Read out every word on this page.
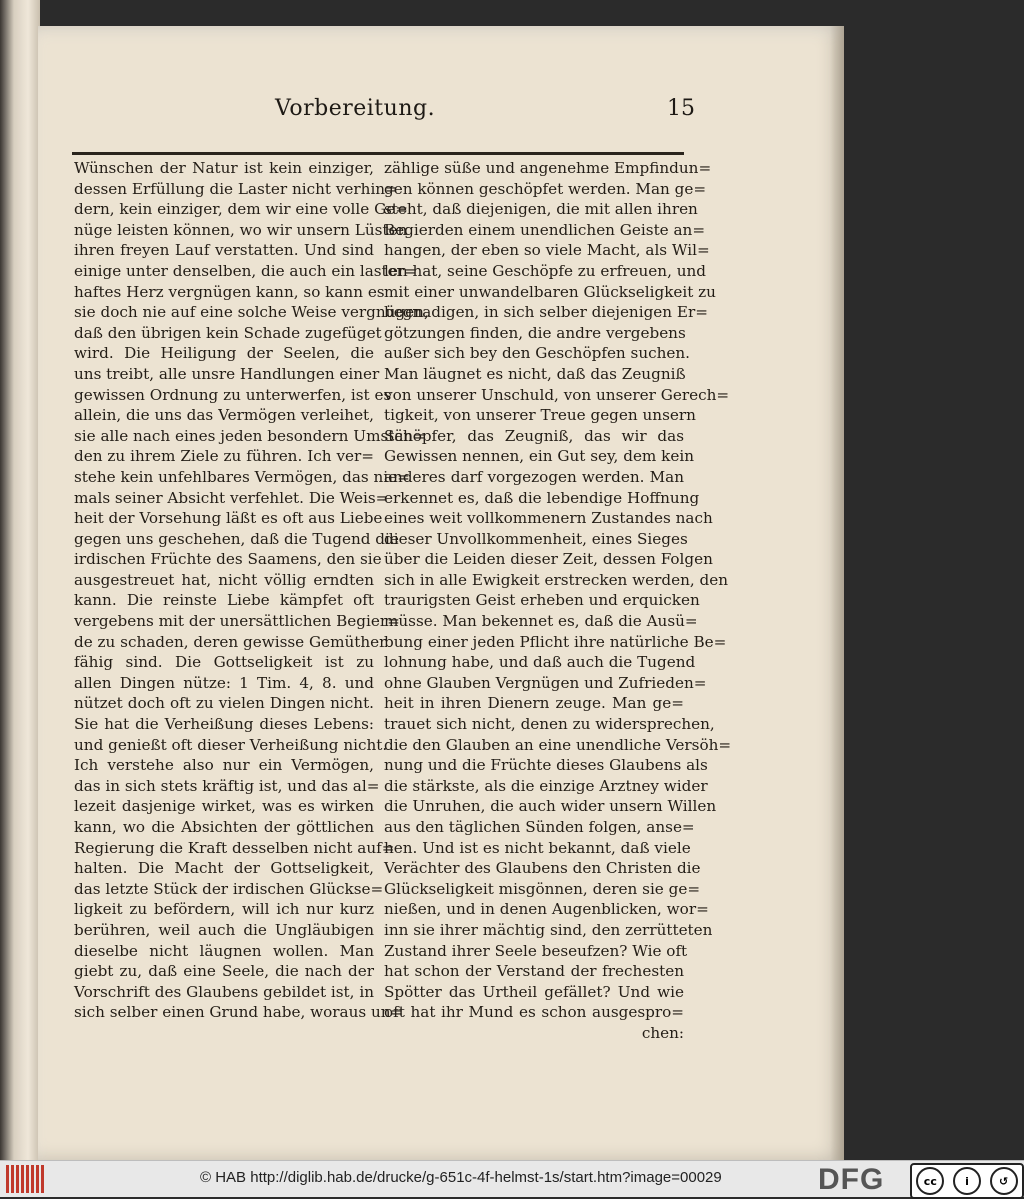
Vorbereitung.	15
Wünschen der Natur ist kein einziger,
dessen Erfüllung die Laster nicht verhin=
dern, kein einziger, dem wir eine volle Ge=
nüge leisten können, wo wir unsern Lüsten
ihren freyen Lauf verstatten. Und sind
einige unter denselben, die auch ein laster=
haftes Herz vergnügen kann, so kann es
sie doch nie auf eine solche Weise vergnügen,
daß den übrigen kein Schade zugefüget
wird. Die Heiligung der Seelen, die
uns treibt, alle unsre Handlungen einer
gewissen Ordnung zu unterwerfen, ist es
allein, die uns das Vermögen verleihet,
sie alle nach eines jeden besondern Umstän=
den zu ihrem Ziele zu führen. Ich ver=
stehe kein unfehlbares Vermögen, das nie=
mals seiner Absicht verfehlet. Die Weis=
heit der Vorsehung läßt es oft aus Liebe
gegen uns geschehen, daß die Tugend die
irdischen Früchte des Saamens, den sie
ausgestreuet hat, nicht völlig erndten
kann. Die reinste Liebe kämpfet oft
vergebens mit der unersättlichen Begier=
de zu schaden, deren gewisse Gemüther
fähig sind. Die Gottseligkeit ist zu
allen Dingen nütze: 1 Tim. 4, 8. und
nützet doch oft zu vielen Dingen nicht.
Sie hat die Verheißung dieses Lebens:
und genießt oft dieser Verheißung nicht.
Ich verstehe also nur ein Vermögen,
das in sich stets kräftig ist, und das al=
lezeit dasjenige wirket, was es wirken
kann, wo die Absichten der göttlichen
Regierung die Kraft desselben nicht auf=
halten. Die Macht der Gottseligkeit,
das letzte Stück der irdischen Glückse=
ligkeit zu befördern, will ich nur kurz
berühren, weil auch die Ungläubigen
dieselbe nicht läugnen wollen. Man
giebt zu, daß eine Seele, die nach der
Vorschrift des Glaubens gebildet ist, in
sich selber einen Grund habe, woraus un=
zählige süße und angenehme Empfindun=
gen können geschöpfet werden. Man ge=
steht, daß diejenigen, die mit allen ihren
Begierden einem unendlichen Geiste an=
hangen, der eben so viele Macht, als Wil=
len hat, seine Geschöpfe zu erfreuen, und
mit einer unwandelbaren Glückseligkeit zu
begnadigen, in sich selber diejenigen Er=
götzungen finden, die andre vergebens
außer sich bey den Geschöpfen suchen.
Man läugnet es nicht, daß das Zeugniß
von unserer Unschuld, von unserer Gerech=
tigkeit, von unserer Treue gegen unsern
Schöpfer, das Zeugniß, das wir das
Gewissen nennen, ein Gut sey, dem kein
anderes darf vorgezogen werden. Man
erkennet es, daß die lebendige Hoffnung
eines weit vollkommenern Zustandes nach
dieser Unvollkommenheit, eines Sieges
über die Leiden dieser Zeit, dessen Folgen
sich in alle Ewigkeit erstrecken werden, den
traurigsten Geist erheben und erquicken
müsse. Man bekennet es, daß die Ausü=
bung einer jeden Pflicht ihre natürliche Be=
lohnung habe, und daß auch die Tugend
ohne Glauben Vergnügen und Zufrieden=
heit in ihren Dienern zeuge. Man ge=
trauet sich nicht, denen zu widersprechen,
die den Glauben an eine unendliche Versöh=
nung und die Früchte dieses Glaubens als
die stärkste, als die einzige Arztney wider
die Unruhen, die auch wider unsern Willen
aus den täglichen Sünden folgen, anse=
hen. Und ist es nicht bekannt, daß viele
Verächter des Glaubens den Christen die
Glückseligkeit misgönnen, deren sie ge=
nießen, und in denen Augenblicken, wor=
inn sie ihrer mächtig sind, den zerrütteten
Zustand ihrer Seele beseufzen? Wie oft
hat schon der Verstand der frechesten
Spötter das Urtheil gefället? Und wie
oft hat ihr Mund es schon ausgespro=
chen:
© HAB http://diglib.hab.de/drucke/g-651c-4f-helmst-1s/start.htm?image=00029	DFG	cc	i	↺
